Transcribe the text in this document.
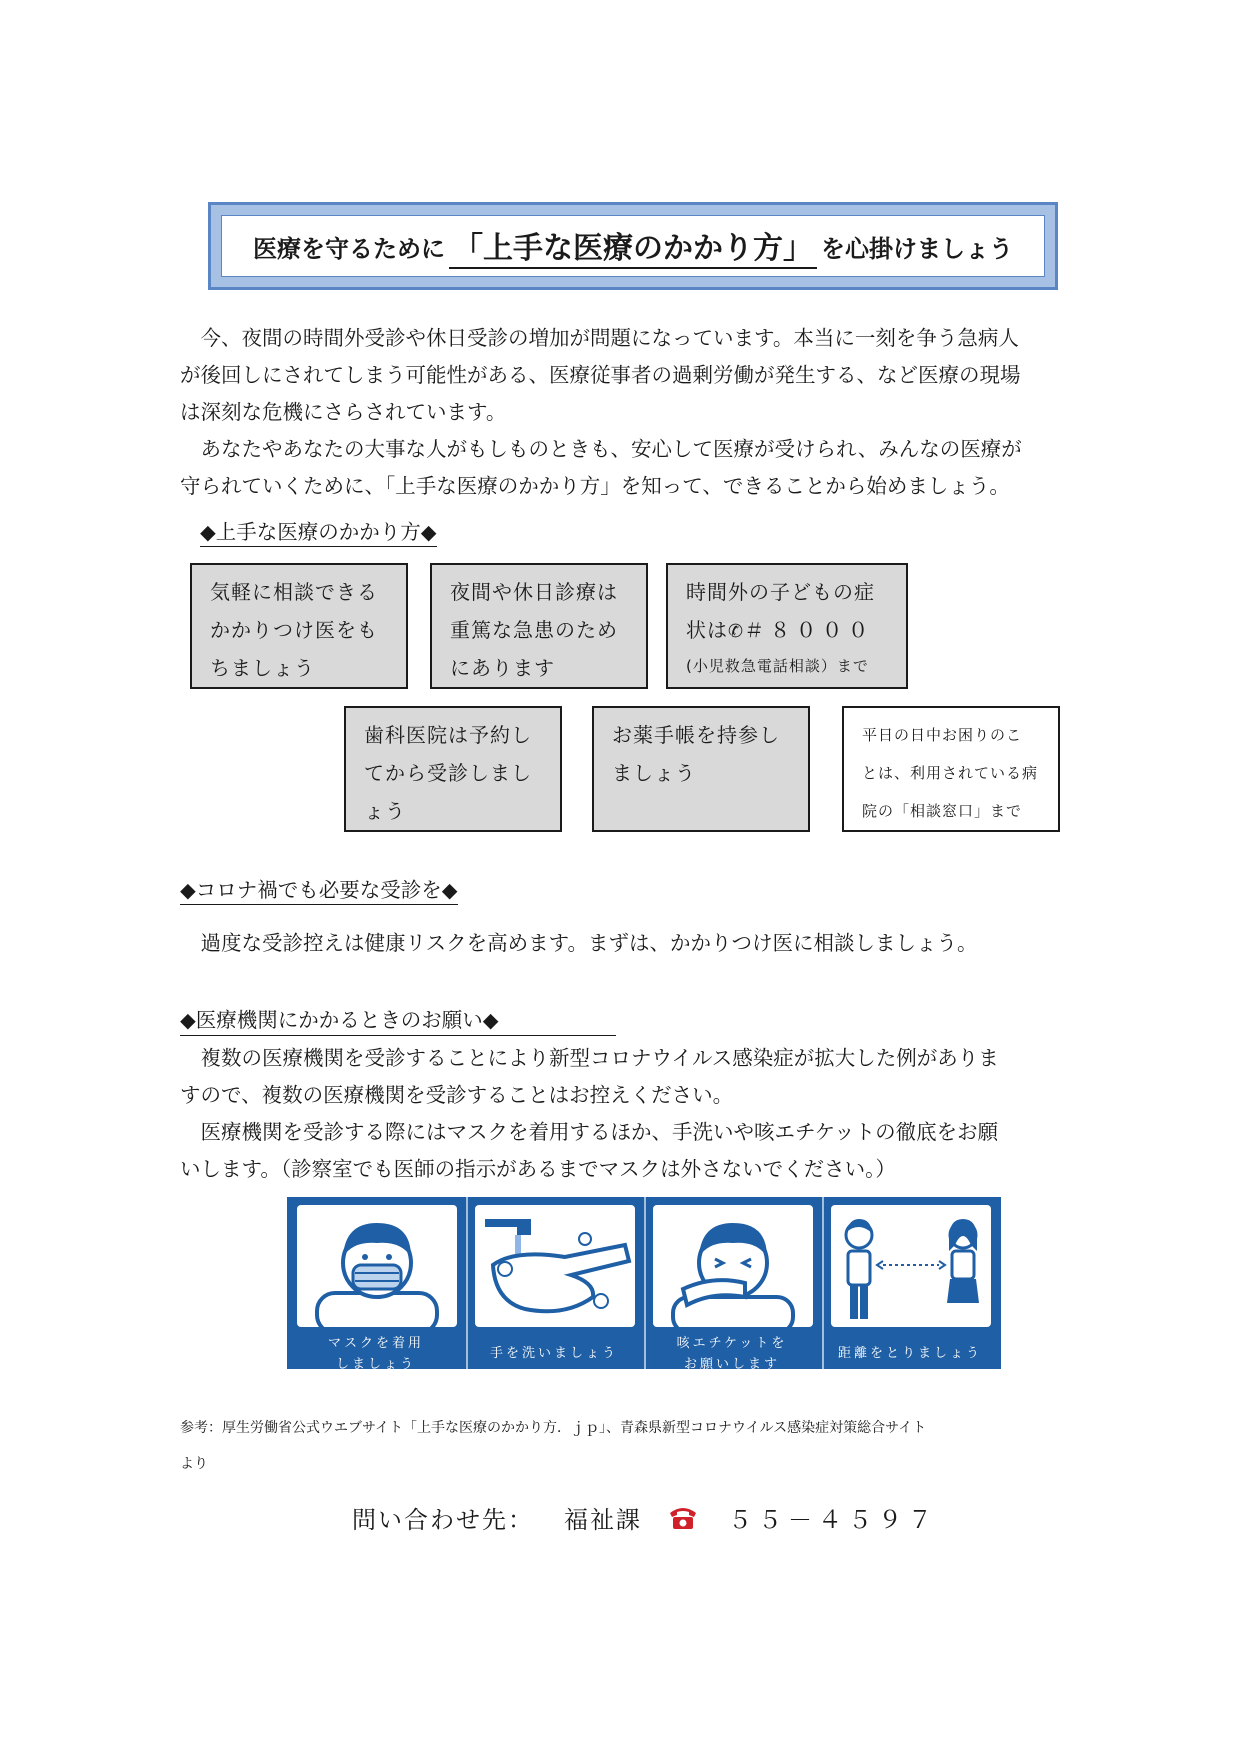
医療を守るために 「上手な医療のかかり方」 を心掛けましょう
　今、夜間の時間外受診や休日受診の増加が問題になっています。本当に一刻を争う急病人
が後回しにされてしまう可能性がある、医療従事者の過剰労働が発生する、など医療の現場
は深刻な危機にさらされています。
　あなたやあなたの大事な人がもしものときも、安心して医療が受けられ、みんなの医療が
守られていくために、「上手な医療のかかり方」を知って、できることから始めましょう。
◆上手な医療のかかり方◆
気軽に相談できる
かかりつけ医をも
ちましょう
夜間や休日診療は
重篤な急患のため
にあります
時間外の子どもの症
状は✆＃８０００
(小児救急電話相談）まで
歯科医院は予約し
てから受診しまし
ょう
お薬手帳を持参し
ましょう
平日の日中お困りのこ
とは、利用されている病
院の「相談窓口」まで
◆コロナ禍でも必要な受診を◆
　過度な受診控えは健康リスクを高めます。まずは、かかりつけ医に相談しましょう。
◆医療機関にかかるときのお願い◆
　複数の医療機関を受診することにより新型コロナウイルス感染症が拡大した例がありま
すので、複数の医療機関を受診することはお控えください。
　医療機関を受診する際にはマスクを着用するほか、手洗いや咳エチケットの徹底をお願
いします。（診察室でも医師の指示があるまでマスクは外さないでください。）
マスクを着用
しましょう
手を洗いましょう
咳エチケットを
お願いします
距離をとりましょう
参考：厚生労働省公式ウエブサイト「上手な医療のかかり方．ｊｐ」、青森県新型コロナウイルス感染症対策総合サイト
より
問い合わせ先： 福祉課	５５－４５９７
